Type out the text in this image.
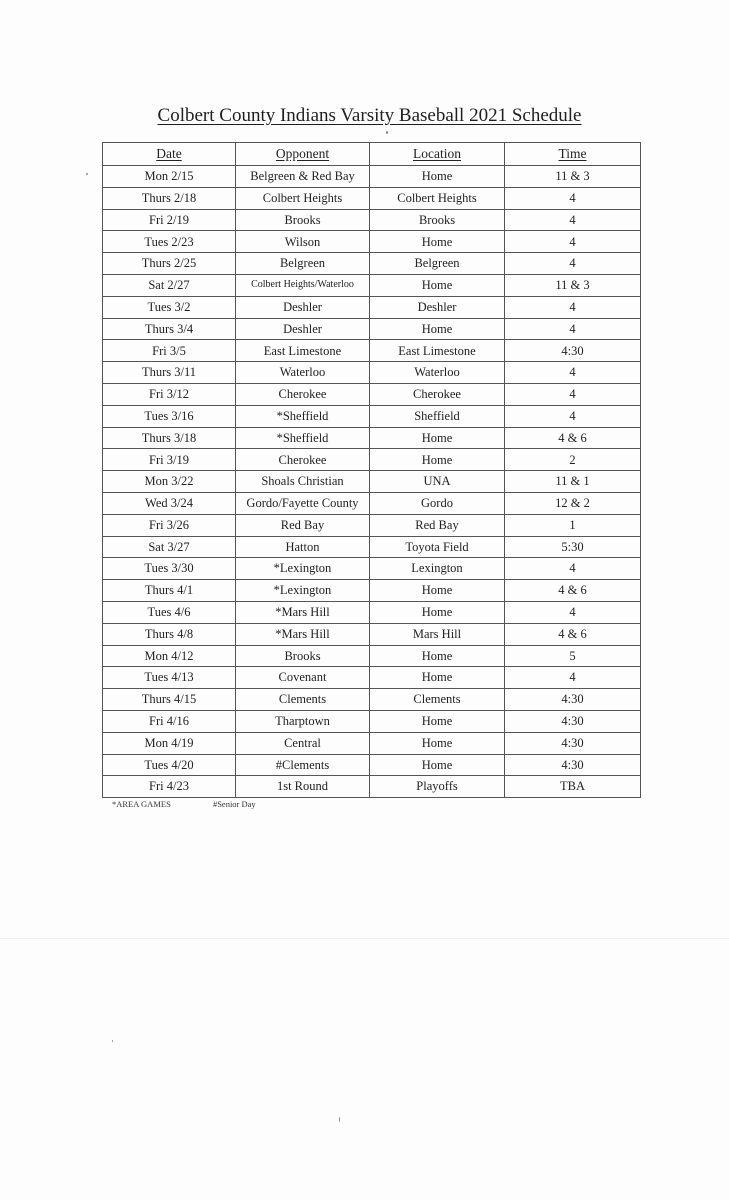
Colbert County Indians Varsity Baseball 2021 Schedule
Date	Opponent	Location	Time
Mon 2/15	Belgreen & Red Bay	Home	11 & 3
Thurs 2/18	Colbert Heights	Colbert Heights	4
Fri 2/19	Brooks	Brooks	4
Tues 2/23	Wilson	Home	4
Thurs 2/25	Belgreen	Belgreen	4
Sat 2/27	Colbert Heights/Waterloo	Home	11 & 3
Tues 3/2	Deshler	Deshler	4
Thurs 3/4	Deshler	Home	4
Fri 3/5	East Limestone	East Limestone	4:30
Thurs 3/11	Waterloo	Waterloo	4
Fri 3/12	Cherokee	Cherokee	4
Tues 3/16	*Sheffield	Sheffield	4
Thurs 3/18	*Sheffield	Home	4 & 6
Fri 3/19	Cherokee	Home	2
Mon 3/22	Shoals Christian	UNA	11 & 1
Wed 3/24	Gordo/Fayette County	Gordo	12 & 2
Fri 3/26	Red Bay	Red Bay	1
Sat 3/27	Hatton	Toyota Field	5:30
Tues 3/30	*Lexington	Lexington	4
Thurs 4/1	*Lexington	Home	4 & 6
Tues 4/6	*Mars Hill	Home	4
Thurs 4/8	*Mars Hill	Mars Hill	4 & 6
Mon 4/12	Brooks	Home	5
Tues 4/13	Covenant	Home	4
Thurs 4/15	Clements	Clements	4:30
Fri 4/16	Tharptown	Home	4:30
Mon 4/19	Central	Home	4:30
Tues 4/20	#Clements	Home	4:30
Fri 4/23	1st Round	Playoffs	TBA
*AREA GAMES	#Senior Day
